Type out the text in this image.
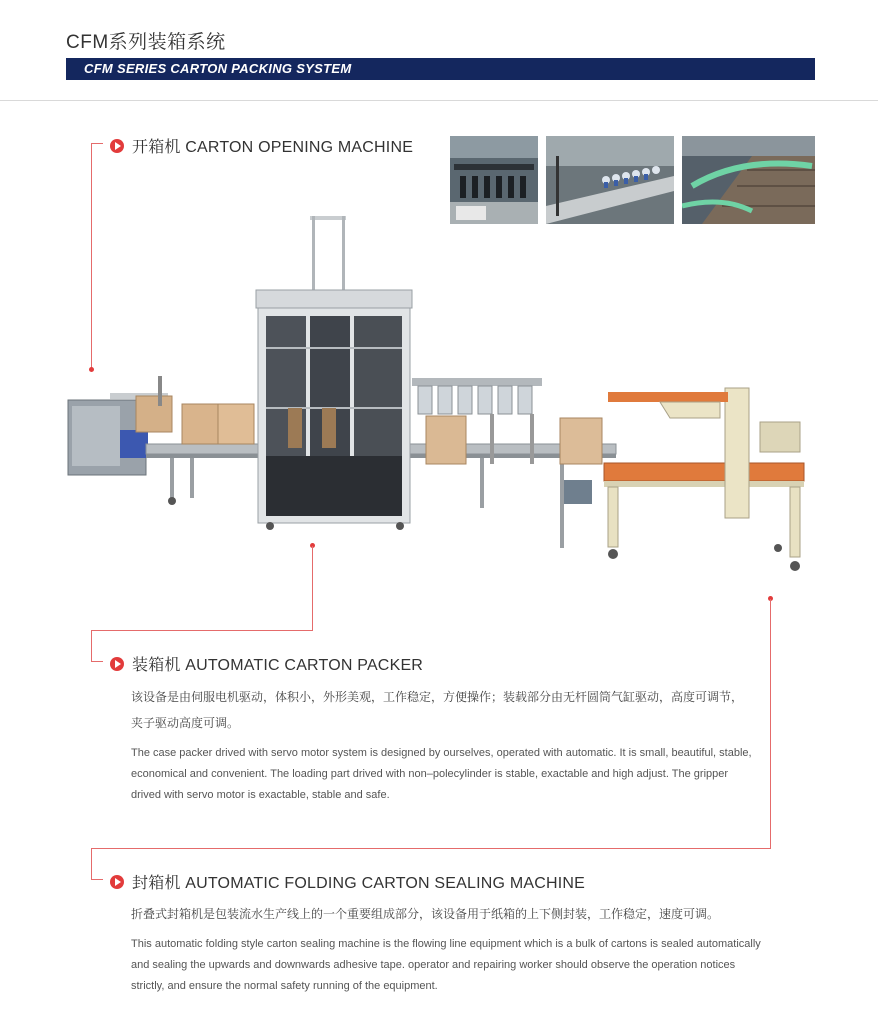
CFM系列装箱系统
CFM SERIES CARTON PACKING SYSTEM
开箱机 CARTON OPENING MACHINE
装箱机 AUTOMATIC CARTON PACKER
该设备是由伺服电机驱动，体积小，外形美观，工作稳定，方便操作；装载部分由无杆圆筒气缸驱动，高度可调节，夹子驱动高度可调。
The case packer drived with servo motor system is designed by ourselves, operated with automatic. It is small, beautiful, stable, economical and convenient. The loading part drived with non–polecylinder is stable, exactable and high adjust. The gripper drived with servo motor is exactable, stable and safe.
封箱机 AUTOMATIC FOLDING CARTON SEALING MACHINE
折叠式封箱机是包装流水生产线上的一个重要组成部分，该设备用于纸箱的上下侧封装，工作稳定，速度可调。
This automatic folding style carton sealing machine is the flowing line equipment which is a bulk of cartons is sealed automatically and sealing the upwards and downwards adhesive tape. operator and repairing worker should observe the operation notices strictly, and ensure the normal safety running of the equipment.
